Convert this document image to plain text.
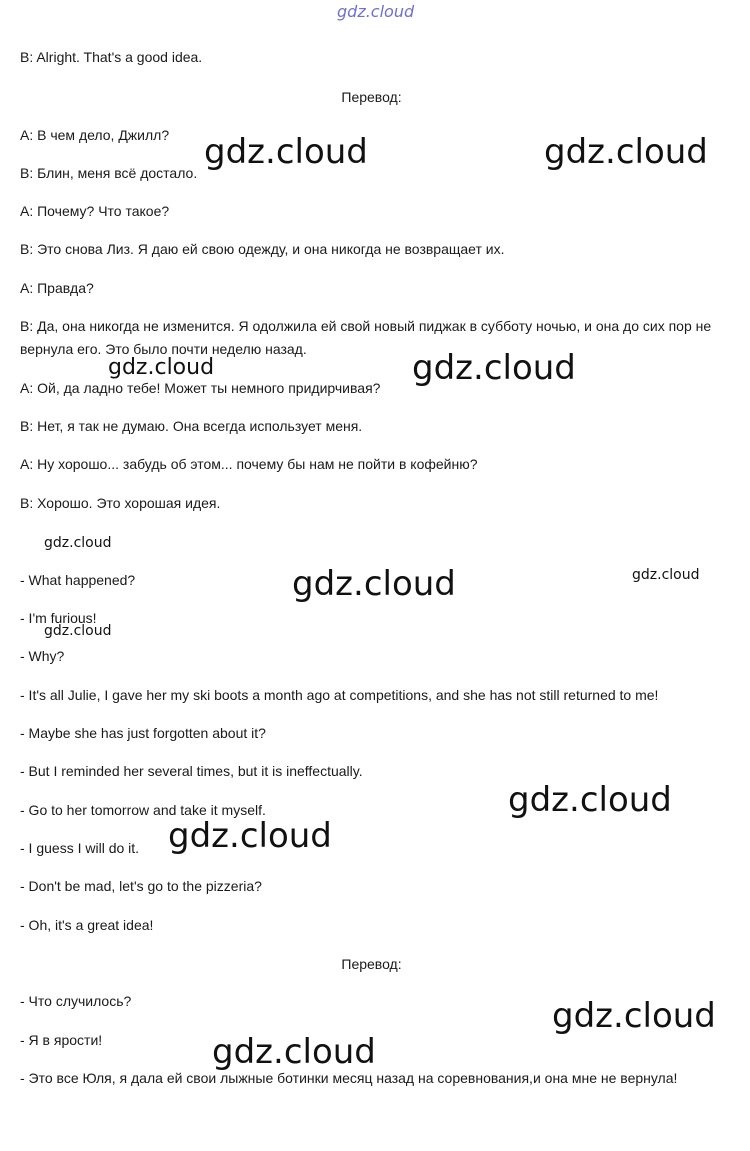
gdz.cloud
B: Alright. That's a good idea.
Перевод:
A: В чем дело, Джилл?
B: Блин, меня всё достало.
A: Почему? Что такое?
B: Это снова Лиз. Я даю ей свою одежду, и она никогда не возвращает их.
A: Правда?
B: Да, она никогда не изменится. Я одолжила ей свой новый пиджак в субботу ночью, и она до сих пор не вернула его. Это было почти неделю назад.
A: Ой, да ладно тебе! Может ты немного придирчивая?
B: Нет, я так не думаю. Она всегда использует меня.
A: Ну хорошо... забудь об этом... почему бы нам не пойти в кофейню?
B: Хорошо. Это хорошая идея.
- What happened?
- I'm furious!
- Why?
- It's all Julie, I gave her my ski boots a month ago at competitions, and she has not still returned to me!
- Maybe she has just forgotten about it?
- But I reminded her several times, but it is ineffectually.
- Go to her tomorrow and take it myself.
- I guess I will do it.
- Don't be mad, let's go to the pizzeria?
- Oh, it's a great idea!
Перевод:
- Что случилось?
- Я в ярости!
- Это все Юля, я дала ей свои лыжные ботинки месяц назад на соревнования,и она мне не вернула!
gdz.cloud	gdz.cloud
gdz.cloud	gdz.cloud
gdz.cloud
gdz.cloud	gdz.cloud
gdz.cloud
gdz.cloud
gdz.cloud
gdz.cloud
gdz.cloud
